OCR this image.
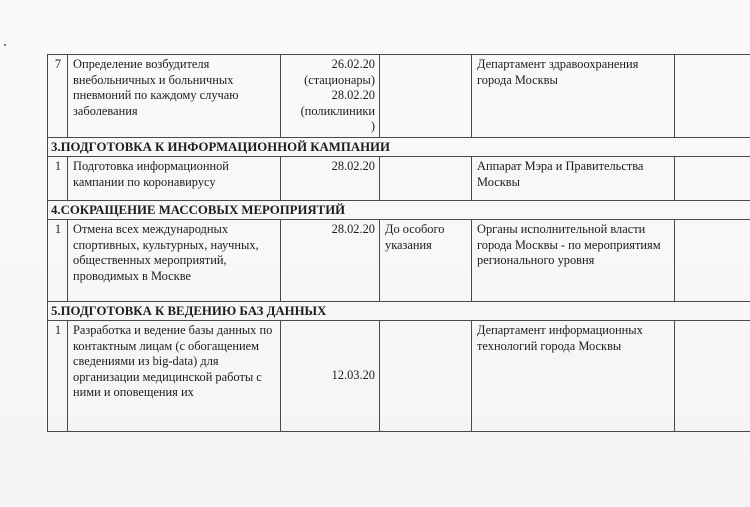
7	Определение возбудителя внебольничных и больничных пневмоний по каждому случаю заболевания	26.02.20
(стационары)
28.02.20
(поликлиники
)		Департамент здравоохранения города Москвы	
3.ПОДГОТОВКА К ИНФОРМАЦИОННОЙ КАМПАНИИ					
1	Подготовка информационной кампании по коронавирусу	28.02.20		Аппарат Мэра и Правительства Москвы	
4.СОКРАЩЕНИЕ МАССОВЫХ МЕРОПРИЯТИЙ					
1	Отмена всех международных спортивных, культурных, научных, общественных мероприятий, проводимых в Москве	28.02.20	До особого указания	Органы исполнительной власти города Москвы - по мероприятиям регионального уровня	
5.ПОДГОТОВКА К ВЕДЕНИЮ БАЗ ДАННЫХ					
1	Разработка и ведение базы данных по контактным лицам (с обогащением сведениями из big-data) для организации медицинской работы с ними и оповещения их	12.03.20		Департамент информационных технологий города Москвы	
